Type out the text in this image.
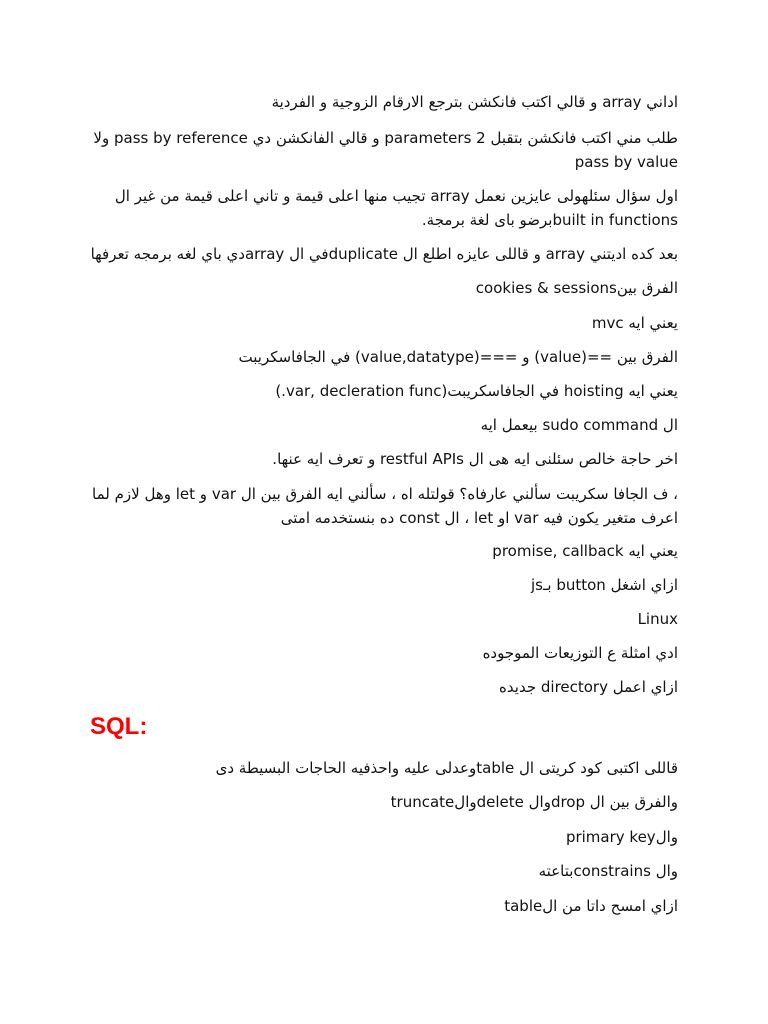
اداني array و قالي اكتب فانكشن بترجع الارقام الزوجية و الفردية
طلب مني اكتب فانكشن بتقبل parameters 2 و قالي الفانكشن دي pass by reference ولا pass by value
اول سؤال سئلهولى عايزين نعمل array تجيب منها اعلى قيمة و تاني اعلى قيمة من غير ال built in functionsبرضو باى لغة برمجة.
بعد كده اديتني array و قاللى عايزه اطلع ال duplicateفي ال arrayدي باي لغه برمجه تعرفها
الفرق بينcookies & sessions
يعني ايه mvc
الفرق بين ==(value) و ===(value,datatype) في الجافاسكريبت
يعني ايه hoisting في الجافاسكريبت(var, decleration func.)
ال sudo command بيعمل ايه
اخر حاجة خالص سئلنى ايه هى ال restful APIs و تعرف ايه عنها.
، ف الجافا سكريبت سألني عارفاه؟ قولتله اه ، سألني ايه الفرق بين ال var و let وهل لازم لما اعرف متغير يكون فيه var او let ، ال const ده بنستخدمه امتى
يعني ايه promise, callback
ازاي اشغل button بـjs
Linux
ادي امثلة ع التوزيعات الموجوده
ازاي اعمل directory جديده
SQL:
قاللى اكتبى كود كريتى ال tableوعدلى عليه واحذفيه الحاجات البسيطة دى
والفرق بين ال dropوال deleteوالtruncate
والprimary key
وال constrainsبتاعته
ازاي امسح داتا من الtable
